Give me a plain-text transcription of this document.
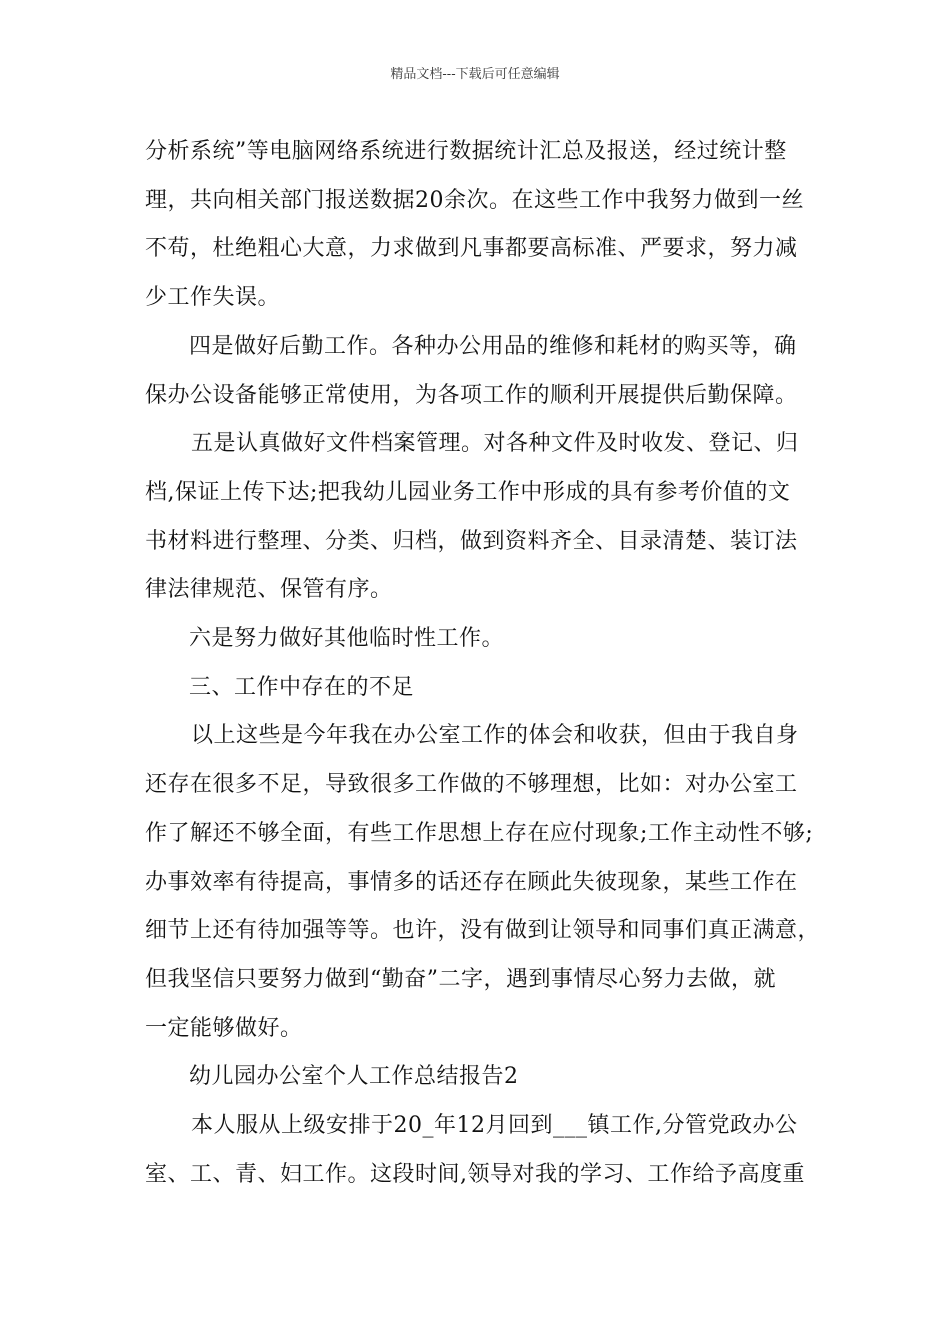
精品文档---下载后可任意编辑

分析系统”等电脑网络系统进行数据统计汇总及报送，经过统计整

理，共向相关部门报送数据20余次。在这些工作中我努力做到一丝

不苟，杜绝粗心大意，力求做到凡事都要高标准、严要求，努力减

少工作失误。

四是做好后勤工作。各种办公用品的维修和耗材的购买等，确

保办公设备能够正常使用，为各项工作的顺利开展提供后勤保障。

五是认真做好文件档案管理。对各种文件及时收发、登记、归

档,保证上传下达;把我幼儿园业务工作中形成的具有参考价值的文

书材料进行整理、分类、归档，做到资料齐全、目录清楚、装订法

律法律规范、保管有序。

六是努力做好其他临时性工作。

三、工作中存在的不足

以上这些是今年我在办公室工作的体会和收获，但由于我自身

还存在很多不足，导致很多工作做的不够理想，比如：对办公室工

作了解还不够全面，有些工作思想上存在应付现象;工作主动性不够;

办事效率有待提高，事情多的话还存在顾此失彼现象，某些工作在

细节上还有待加强等等。也许，没有做到让领导和同事们真正满意，

但我坚信只要努力做到“勤奋”二字，遇到事情尽心努力去做，就

一定能够做好。

幼儿园办公室个人工作总结报告2

本人服从上级安排于20_年12月回到___镇工作,分管党政办公

室、工、青、妇工作。这段时间,领导对我的学习、工作给予高度重
